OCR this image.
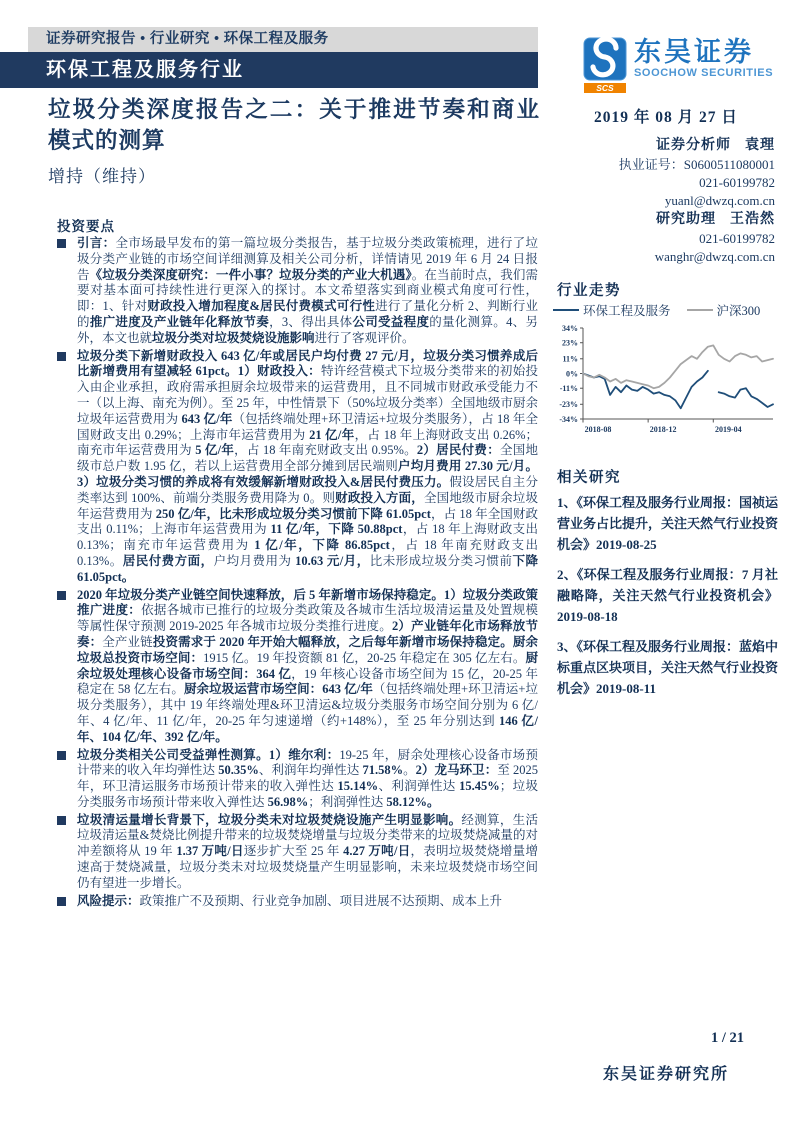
证券研究报告 • 行业研究 • 环保工程及服务
环保工程及服务行业
垃圾分类深度报告之二：关于推进节奏和商业模式的测算
增持（维持）
投资要点
引言：全市场最早发布的第一篇垃圾分类报告，基于垃圾分类政策梳理，进行了垃圾分类产业链的市场空间详细测算及相关公司分析，详情请见 2019 年 6 月 24 日报告《垃圾分类深度研究：一件小事？垃圾分类的产业大机遇》。在当前时点，我们需要对基本面可持续性进行更深入的探讨。本文希望落实到商业模式角度可行性，即：1、针对财政投入增加程度&居民付费模式可行性进行了量化分析 2、判断行业的推广进度及产业链年化释放节奏，3、得出具体公司受益程度的量化测算。4、另外，本文也就垃圾分类对垃圾焚烧设施影响进行了客观评价。
垃圾分类下新增财政投入 643 亿/年或居民户均付费 27 元/月，垃圾分类习惯养成后比新增费用有望减轻 61pct。1）财政投入：特许经营模式下垃圾分类带来的初始投入由企业承担，政府需承担厨余垃圾带来的运营费用，且不同城市财政承受能力不一（以上海、南充为例）。至 25 年，中性情景下（50%垃圾分类率）全国地级市厨余垃圾年运营费用为 643 亿/年（包括终端处理+环卫清运+垃圾分类服务），占 18 年全国财政支出 0.29%；上海市年运营费用为 21 亿/年，占 18 年上海财政支出 0.26%；南充市年运营费用为 5 亿/年，占 18 年南充财政支出 0.95%。2）居民付费：全国地级市总户数 1.95 亿，若以上运营费用全部分摊到居民端则户均月费用 27.30 元/月。3）垃圾分类习惯的养成将有效缓解新增财政投入&居民付费压力。假设居民自主分类率达到 100%、前端分类服务费用降为 0。则财政投入方面，全国地级市厨余垃圾年运营费用为 250 亿/年，比未形成垃圾分类习惯前下降 61.05pct，占 18 年全国财政支出 0.11%；上海市年运营费用为 11 亿/年，下降 50.88pct，占 18 年上海财政支出 0.13%；南充市年运营费用为 1 亿/年，下降 86.85pct，占 18 年南充财政支出 0.13%。居民付费方面，户均月费用为 10.63 元/月，比未形成垃圾分类习惯前下降 61.05pct。
2020 年垃圾分类产业链空间快速释放，后 5 年新增市场保持稳定。1）垃圾分类政策推广进度：依据各城市已推行的垃圾分类政策及各城市生活垃圾清运量及处置规模等属性保守预测 2019-2025 年各城市垃圾分类推行进度。2）产业链年化市场释放节奏：全产业链投资需求于 2020 年开始大幅释放，之后每年新增市场保持稳定。厨余垃圾总投资市场空间：1915 亿。19 年投资额 81 亿，20-25 年稳定在 305 亿左右。厨余垃圾处理核心设备市场空间：364 亿，19 年核心设备市场空间为 15 亿，20-25 年稳定在 58 亿左右。厨余垃圾运营市场空间：643 亿/年（包括终端处理+环卫清运+垃圾分类服务），其中 19 年终端处理&环卫清运&垃圾分类服务市场空间分别为 6 亿/年、4 亿/年、11 亿/年，20-25 年匀速递增（约+148%），至 25 年分别达到 146 亿/年、104 亿/年、392 亿/年。
垃圾分类相关公司受益弹性测算。1）维尔利：19-25 年，厨余处理核心设备市场预计带来的收入年均弹性达 50.35%、利润年均弹性达 71.58%。2）龙马环卫：至 2025 年，环卫清运服务市场预计带来的收入弹性达 15.14%、利润弹性达 15.45%；垃圾分类服务市场预计带来收入弹性达 56.98%；利润弹性达 58.12%。
垃圾清运量增长背景下，垃圾分类未对垃圾焚烧设施产生明显影响。经测算，生活垃圾清运量&焚烧比例提升带来的垃圾焚烧增量与垃圾分类带来的垃圾焚烧减量的对冲差额将从 19 年 1.37 万吨/日逐步扩大至 25 年 4.27 万吨/日，表明垃圾焚烧增量增速高于焚烧减量，垃圾分类未对垃圾焚烧量产生明显影响，未来垃圾焚烧市场空间仍有望进一步增长。
风险提示：政策推广不及预期、行业竞争加剧、项目进展不达预期、成本上升
SCS
东吴证券
SOOCHOW SECURITIES
2019 年 08 月 27 日
证券分析师 袁理
执业证号：S0600511080001
021-60199782
yuanl@dwzq.com.cn
研究助理 王浩然
021-60199782
wanghr@dwzq.com.cn
行业走势
环保工程及服务	沪深300
34%
23%
11%
0%
-11%
-23%
-34%
2018-08	2018-12	2019-04
相关研究
1、《环保工程及服务行业周报：国祯运营业务占比提升，关注天然气行业投资机会》2019-08-25
2、《环保工程及服务行业周报：7 月社融略降，关注天然气行业投资机会》2019-08-18
3、《环保工程及服务行业周报：蓝焰中标重点区块项目，关注天然气行业投资机会》2019-08-11
1 / 21
东吴证券研究所
